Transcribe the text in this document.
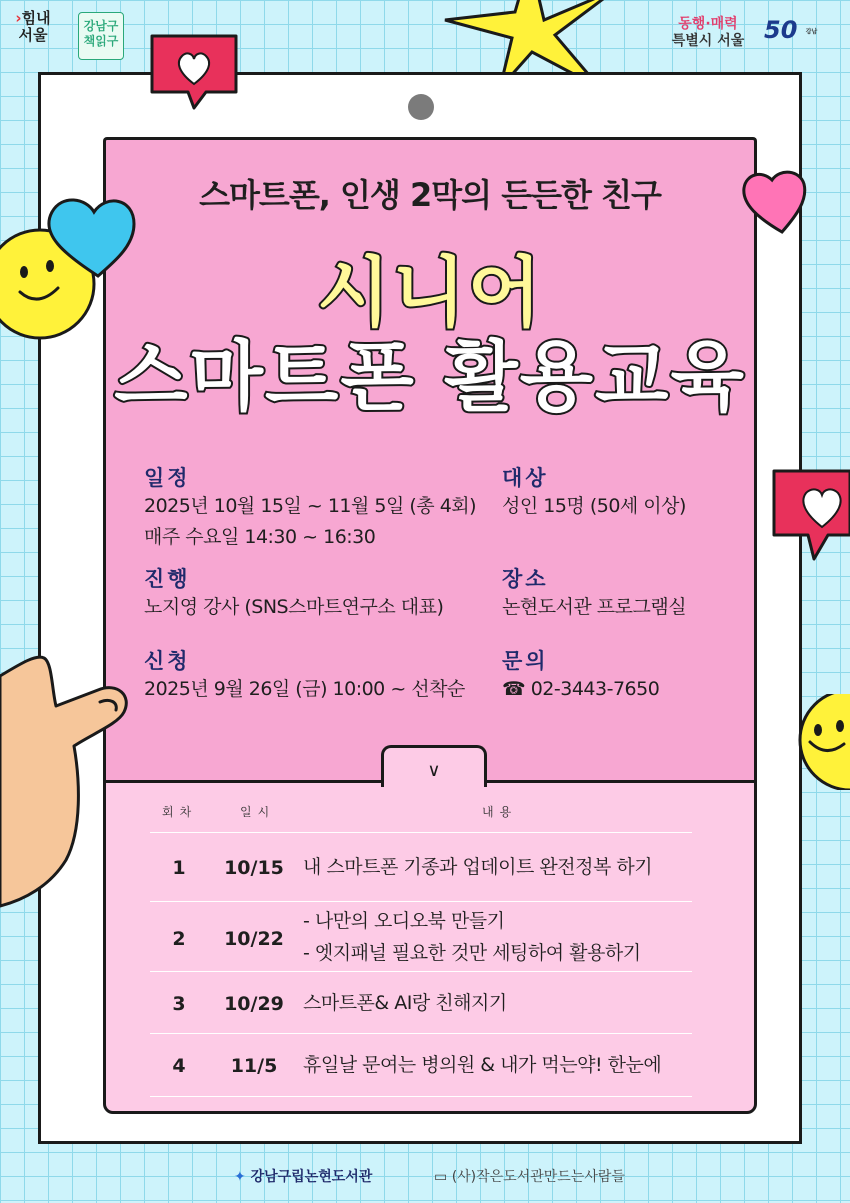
›힘내
서울	강남구
책읽구
동행·매력
특별시 서울 50 강남
스마트폰, 인생 2막의 든든한 친구
시니어
스마트폰 활용교육
일정
2025년 10월 15일 ~ 11월 5일 (총 4회)
매주 수요일 14:30 ~ 16:30
대상
성인 15명 (50세 이상)
진행
노지영 강사 (SNS스마트연구소 대표)
장소
논현도서관 프로그램실
신청
2025년 9월 26일 (금) 10:00 ~ 선착순
문의
☎ 02-3443-7650
∨
회차	일시	내용
1	10/15	내 스마트폰 기종과 업데이트 완전정복 하기
2	10/22
- 나만의 오디오북 만들기
- 엣지패널 필요한 것만 세팅하여 활용하기
3	10/29	스마트폰& AI랑 친해지기
4	11/5	휴일날 문여는 병의원 & 내가 먹는약! 한눈에
✦ 강남구립논현도서관	▭ (사)작은도서관만드는사람들
